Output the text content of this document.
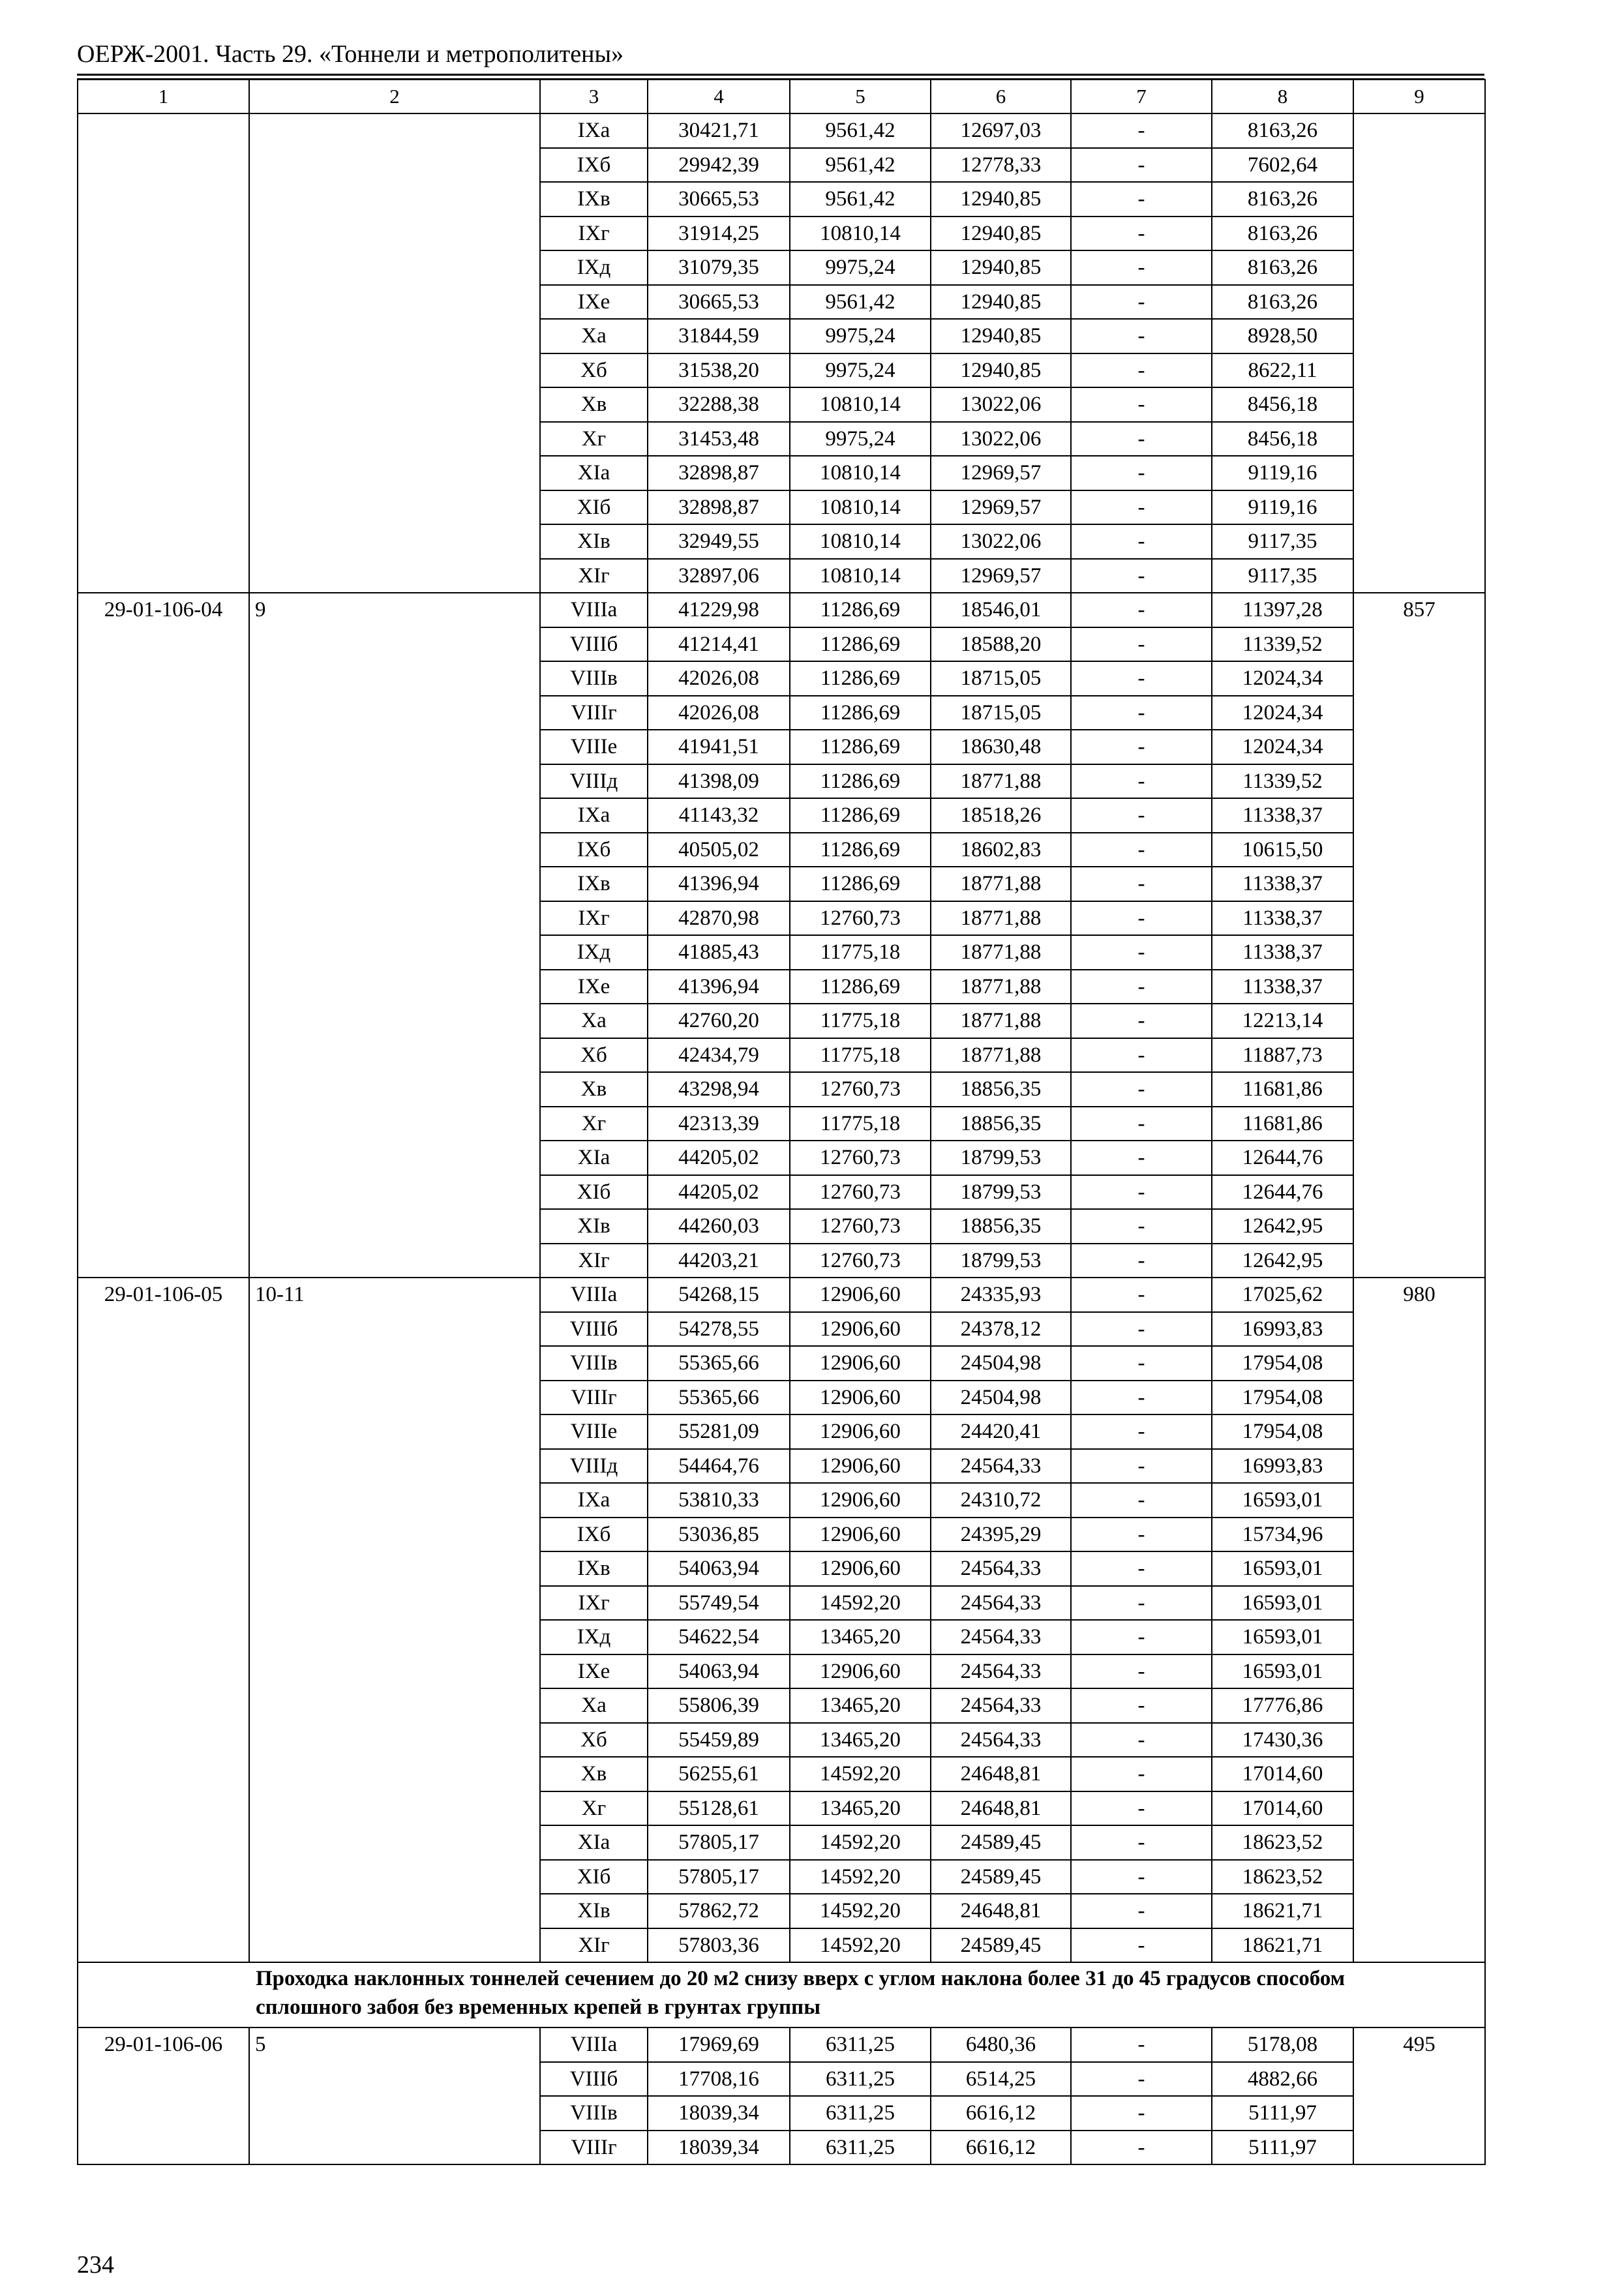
ОЕРЖ-2001. Часть 29. «Тоннели и метрополитены»
1	2	3	4	5	6	7	8	9
		IXа	30421,71	9561,42	12697,03	-	8163,26	
		IXб	29942,39	9561,42	12778,33	-	7602,64	
		IXв	30665,53	9561,42	12940,85	-	8163,26	
		IXг	31914,25	10810,14	12940,85	-	8163,26	
		IXд	31079,35	9975,24	12940,85	-	8163,26	
		IXе	30665,53	9561,42	12940,85	-	8163,26	
		Xа	31844,59	9975,24	12940,85	-	8928,50	
		Xб	31538,20	9975,24	12940,85	-	8622,11	
		Xв	32288,38	10810,14	13022,06	-	8456,18	
		Xг	31453,48	9975,24	13022,06	-	8456,18	
		XIа	32898,87	10810,14	12969,57	-	9119,16	
		XIб	32898,87	10810,14	12969,57	-	9119,16	
		XIв	32949,55	10810,14	13022,06	-	9117,35	
		XIг	32897,06	10810,14	12969,57	-	9117,35	
29-01-106-04	9	VIIIа	41229,98	11286,69	18546,01	-	11397,28	857
		VIIIб	41214,41	11286,69	18588,20	-	11339,52	
		VIIIв	42026,08	11286,69	18715,05	-	12024,34	
		VIIIг	42026,08	11286,69	18715,05	-	12024,34	
		VIIIе	41941,51	11286,69	18630,48	-	12024,34	
		VIIIд	41398,09	11286,69	18771,88	-	11339,52	
		IXа	41143,32	11286,69	18518,26	-	11338,37	
		IXб	40505,02	11286,69	18602,83	-	10615,50	
		IXв	41396,94	11286,69	18771,88	-	11338,37	
		IXг	42870,98	12760,73	18771,88	-	11338,37	
		IXд	41885,43	11775,18	18771,88	-	11338,37	
		IXе	41396,94	11286,69	18771,88	-	11338,37	
		Xа	42760,20	11775,18	18771,88	-	12213,14	
		Xб	42434,79	11775,18	18771,88	-	11887,73	
		Xв	43298,94	12760,73	18856,35	-	11681,86	
		Xг	42313,39	11775,18	18856,35	-	11681,86	
		XIа	44205,02	12760,73	18799,53	-	12644,76	
		XIб	44205,02	12760,73	18799,53	-	12644,76	
		XIв	44260,03	12760,73	18856,35	-	12642,95	
		XIг	44203,21	12760,73	18799,53	-	12642,95	
29-01-106-05	10-11	VIIIа	54268,15	12906,60	24335,93	-	17025,62	980
		VIIIб	54278,55	12906,60	24378,12	-	16993,83	
		VIIIв	55365,66	12906,60	24504,98	-	17954,08	
		VIIIг	55365,66	12906,60	24504,98	-	17954,08	
		VIIIе	55281,09	12906,60	24420,41	-	17954,08	
		VIIIд	54464,76	12906,60	24564,33	-	16993,83	
		IXа	53810,33	12906,60	24310,72	-	16593,01	
		IXб	53036,85	12906,60	24395,29	-	15734,96	
		IXв	54063,94	12906,60	24564,33	-	16593,01	
		IXг	55749,54	14592,20	24564,33	-	16593,01	
		IXд	54622,54	13465,20	24564,33	-	16593,01	
		IXе	54063,94	12906,60	24564,33	-	16593,01	
		Xа	55806,39	13465,20	24564,33	-	17776,86	
		Xб	55459,89	13465,20	24564,33	-	17430,36	
		Xв	56255,61	14592,20	24648,81	-	17014,60	
		Xг	55128,61	13465,20	24648,81	-	17014,60	
		XIа	57805,17	14592,20	24589,45	-	18623,52	
		XIб	57805,17	14592,20	24589,45	-	18623,52	
		XIв	57862,72	14592,20	24648,81	-	18621,71	
		XIг	57803,36	14592,20	24589,45	-	18621,71	
	Проходка наклонных тоннелей сечением до 20 м2 снизу вверх с углом наклона более 31 до 45 градусов способом сплошного забоя без временных крепей в грунтах группы							
29-01-106-06	5	VIIIа	17969,69	6311,25	6480,36	-	5178,08	495
		VIIIб	17708,16	6311,25	6514,25	-	4882,66	
		VIIIв	18039,34	6311,25	6616,12	-	5111,97	
		VIIIг	18039,34	6311,25	6616,12	-	5111,97	
234
